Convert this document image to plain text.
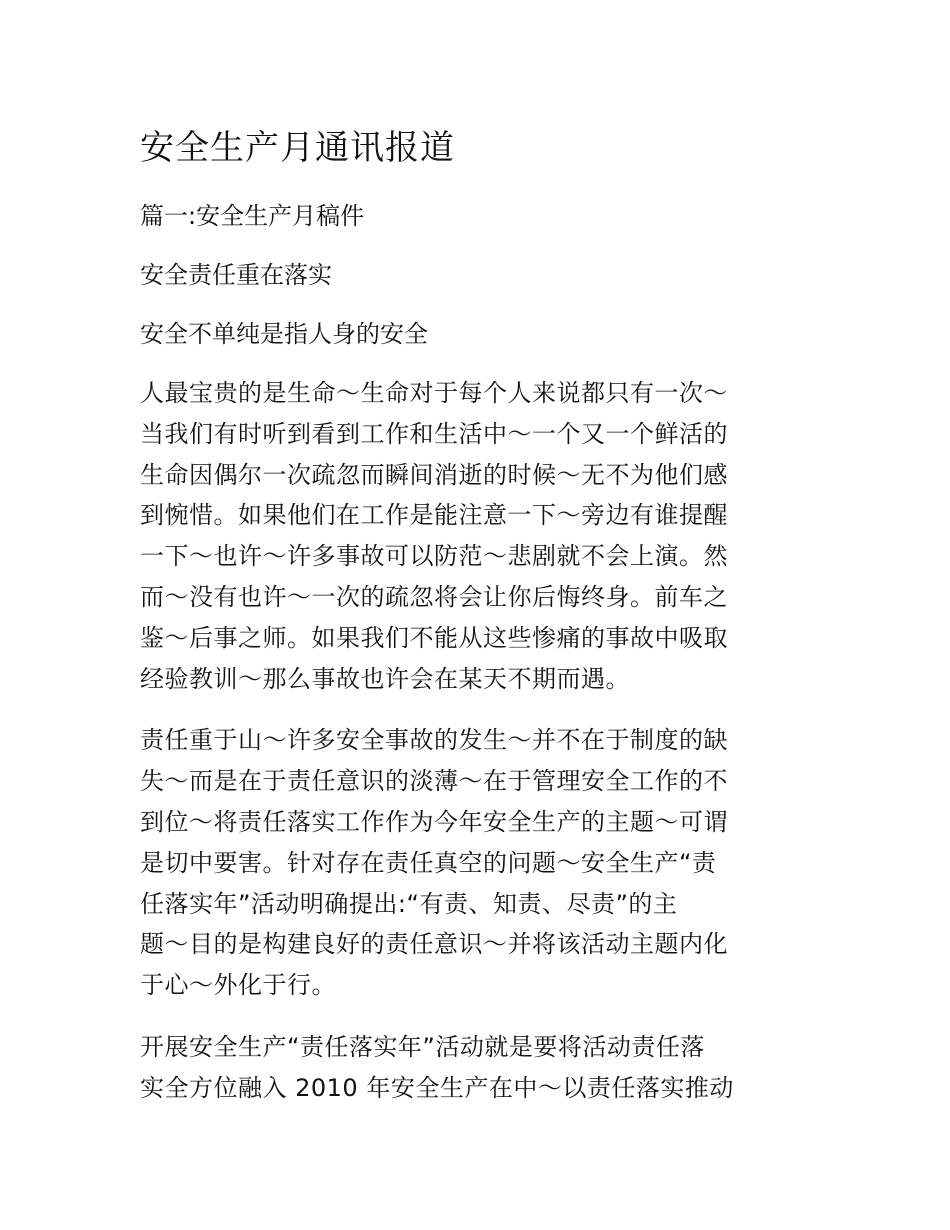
安全生产月通讯报道
篇一:安全生产月稿件
安全责任重在落实
安全不单纯是指人身的安全
人最宝贵的是生命～生命对于每个人来说都只有一次～
当我们有时听到看到工作和生活中～一个又一个鲜活的
生命因偶尔一次疏忽而瞬间消逝的时候～无不为他们感
到惋惜。如果他们在工作是能注意一下～旁边有谁提醒
一下～也许～许多事故可以防范～悲剧就不会上演。然
而～没有也许～一次的疏忽将会让你后悔终身。前车之
鉴～后事之师。如果我们不能从这些惨痛的事故中吸取
经验教训～那么事故也许会在某天不期而遇。
责任重于山～许多安全事故的发生～并不在于制度的缺
失～而是在于责任意识的淡薄～在于管理安全工作的不
到位～将责任落实工作作为今年安全生产的主题～可谓
是切中要害。针对存在责任真空的问题～安全生产“责
任落实年”活动明确提出:“有责、知责、尽责”的主
题～目的是构建良好的责任意识～并将该活动主题内化
于心～外化于行。
开展安全生产“责任落实年”活动就是要将活动责任落
实全方位融入 2010 年安全生产在中～以责任落实推动
